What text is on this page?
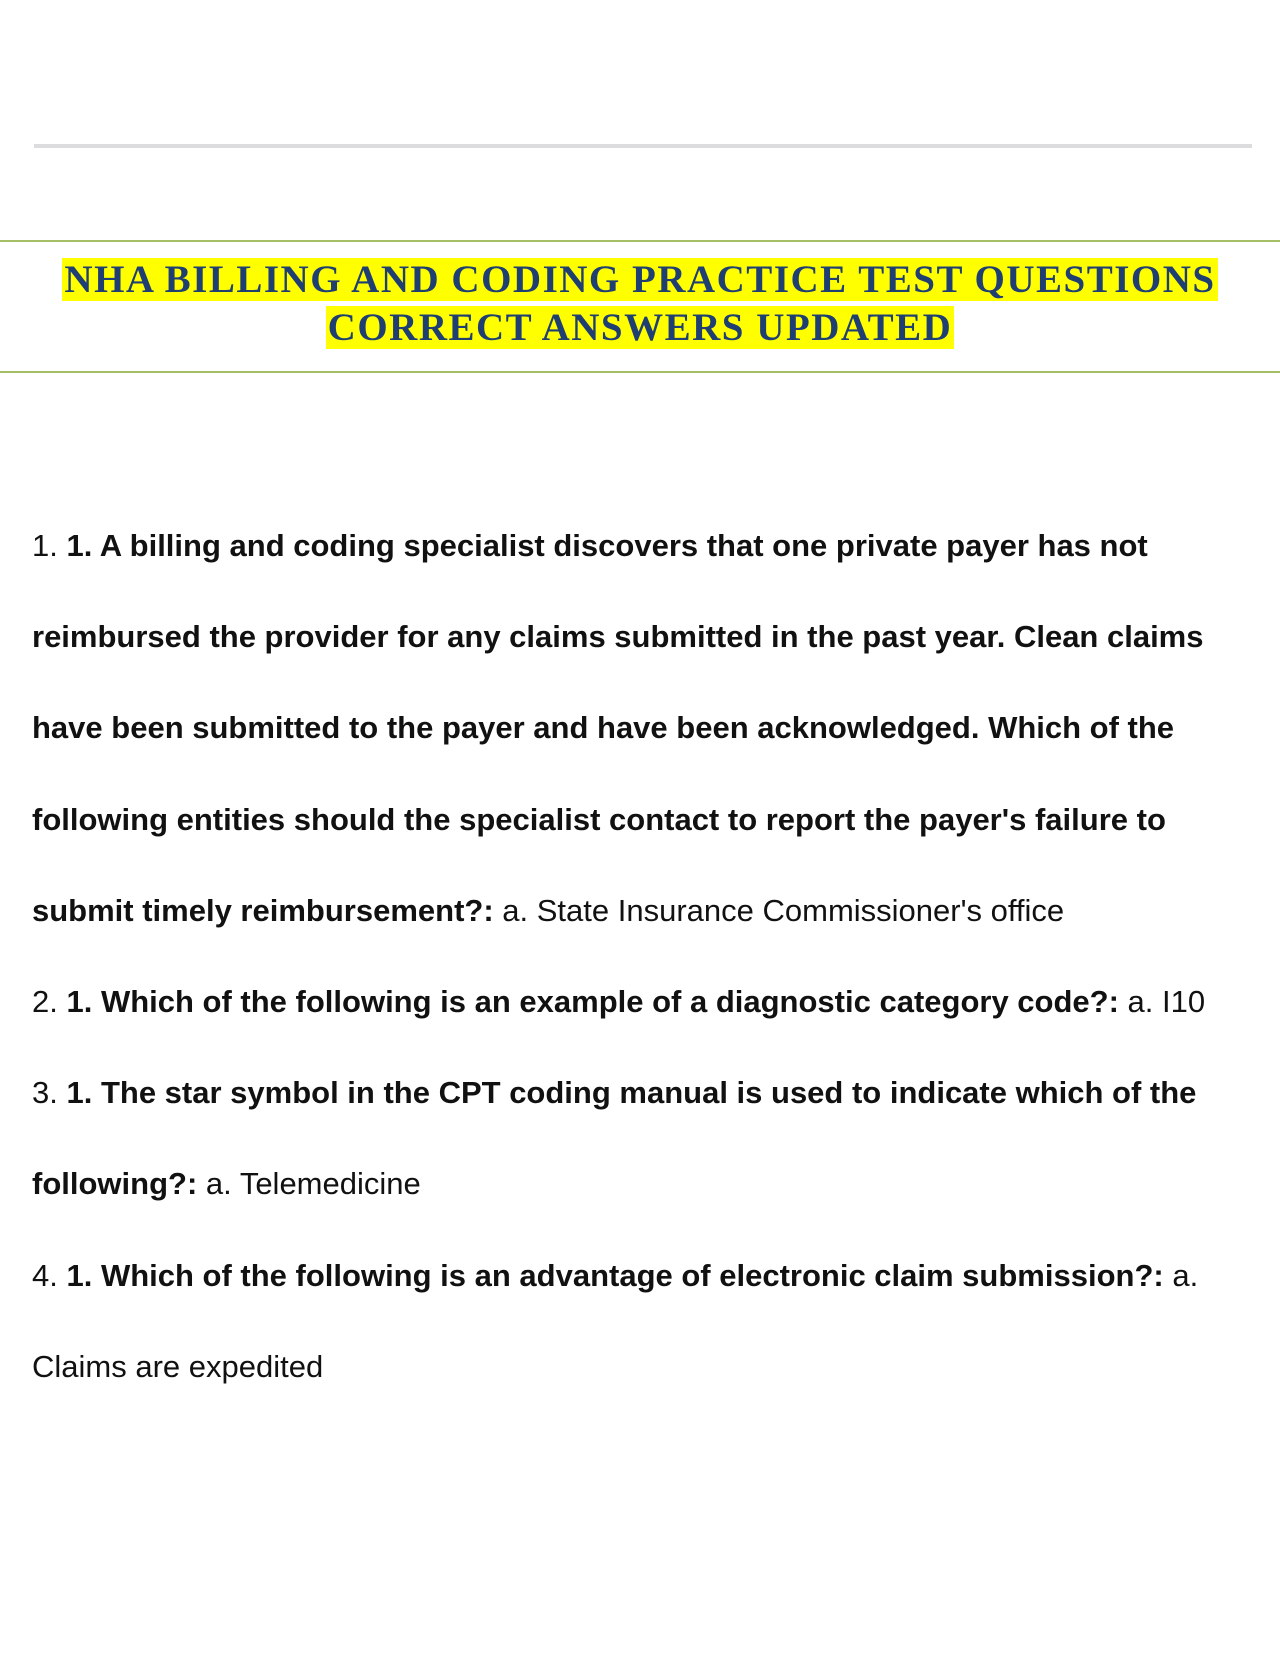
NHA BILLING AND CODING PRACTICE TEST QUESTIONS
CORRECT ANSWERS UPDATED

1. 1. A billing and coding specialist discovers that one private payer has not reimbursed the provider for any claims submitted in the past year. Clean claims have been submitted to the payer and have been acknowledged. Which of the following entities should the specialist contact to report the payer's failure to submit timely reimbursement?: a. State Insurance Commissioner's office

2. 1. Which of the following is an example of a diagnostic category code?: a. I10

3. 1. The star symbol in the CPT coding manual is used to indicate which of the following?: a. Telemedicine

4. 1. Which of the following is an advantage of electronic claim submission?: a. Claims are expedited
